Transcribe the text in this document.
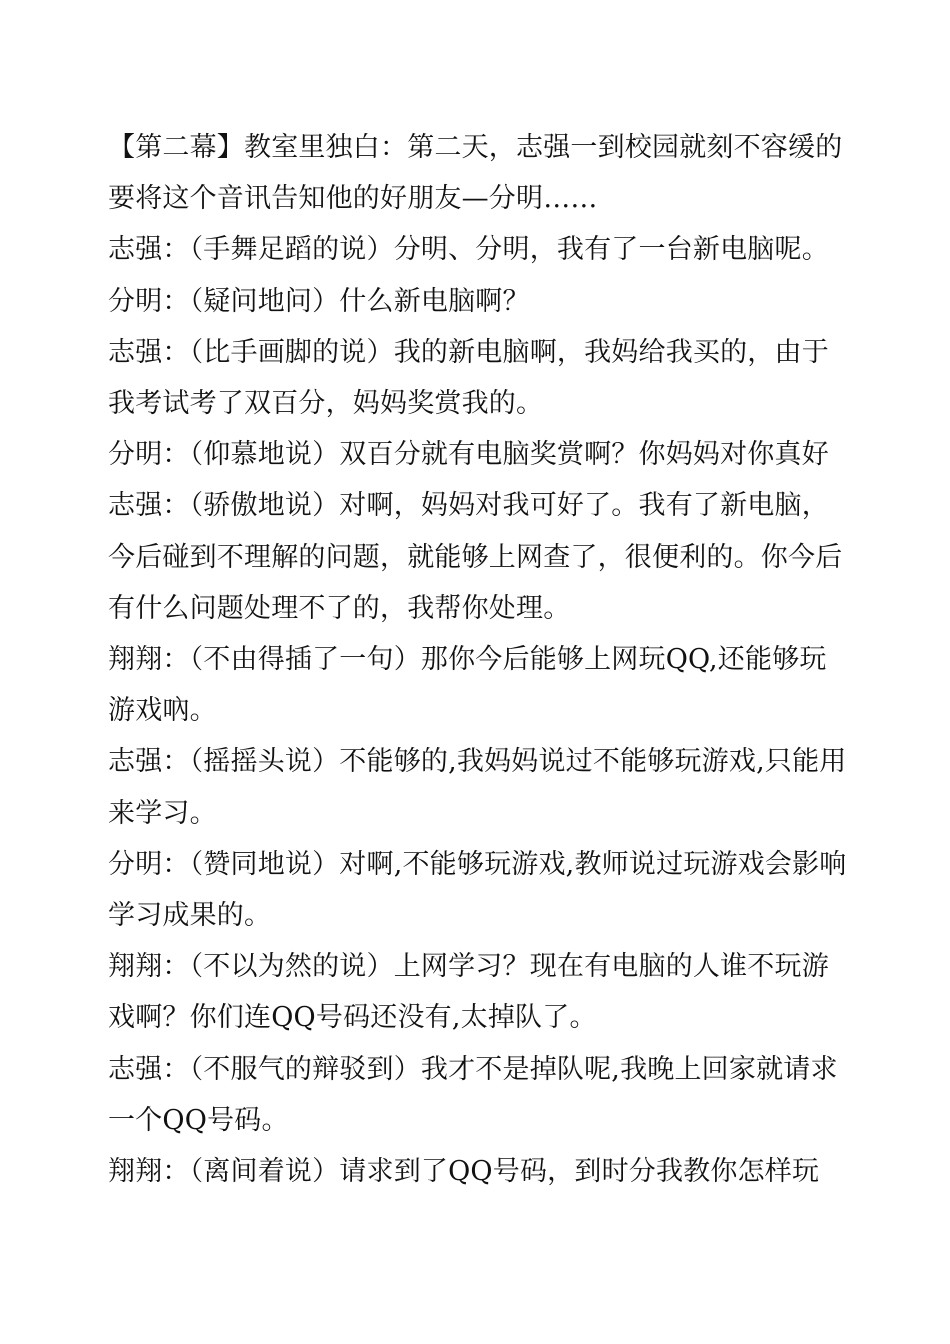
【第二幕】教室里独白：第二天，志强一到校园就刻不容缓的要将这个音讯告知他的好朋友—分明……

志强：（手舞足蹈的说）分明、分明，我有了一台新电脑呢。

分明：（疑问地问）什么新电脑啊？

志强：（比手画脚的说）我的新电脑啊，我妈给我买的，由于我考试考了双百分，妈妈奖赏我的。

分明：（仰慕地说）双百分就有电脑奖赏啊？你妈妈对你真好

志强：（骄傲地说）对啊，妈妈对我可好了。我有了新电脑，今后碰到不理解的问题，就能够上网查了，很便利的。你今后有什么问题处理不了的，我帮你处理。

翔翔：（不由得插了一句）那你今后能够上网玩QQ,还能够玩游戏吶。

志强：（摇摇头说）不能够的,我妈妈说过不能够玩游戏,只能用来学习。

分明：（赞同地说）对啊,不能够玩游戏,教师说过玩游戏会影响学习成果的。

翔翔：（不以为然的说）上网学习？现在有电脑的人谁不玩游戏啊？你们连QQ号码还没有,太掉队了。

志强：（不服气的辩驳到）我才不是掉队呢,我晚上回家就请求一个QQ号码。

翔翔：（离间着说）请求到了QQ号码，到时分我教你怎样玩
